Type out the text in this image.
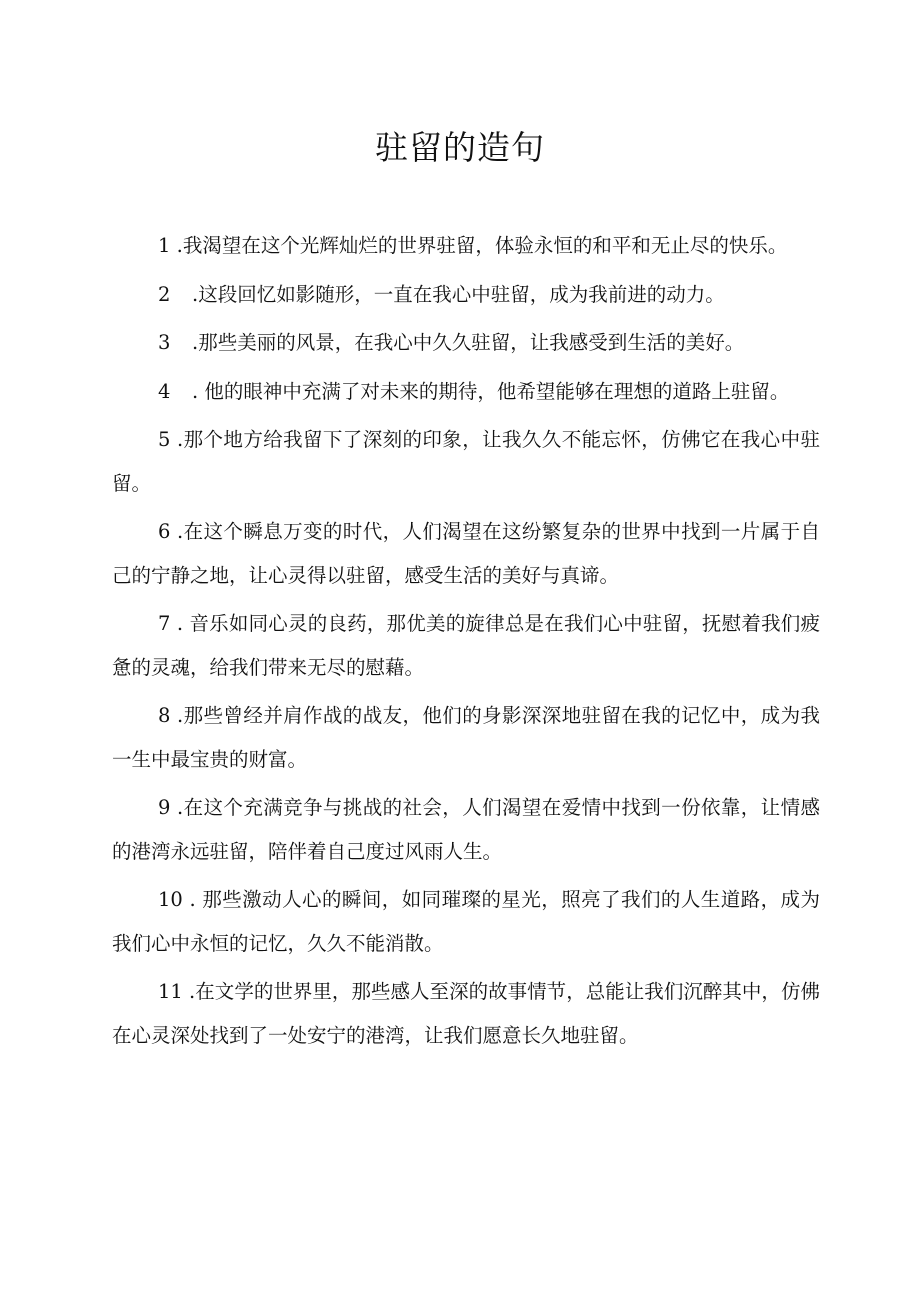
驻留的造句

1 .我渴望在这个光辉灿烂的世界驻留，体验永恒的和平和无止尽的快乐。

2 .这段回忆如影随形，一直在我心中驻留，成为我前进的动力。

3 .那些美丽的风景，在我心中久久驻留，让我感受到生活的美好。

4 . 他的眼神中充满了对未来的期待，他希望能够在理想的道路上驻留。

5 .那个地方给我留下了深刻的印象，让我久久不能忘怀，仿佛它在我心中驻留。

6 .在这个瞬息万变的时代，人们渴望在这纷繁复杂的世界中找到一片属于自己的宁静之地，让心灵得以驻留，感受生活的美好与真谛。

7 . 音乐如同心灵的良药，那优美的旋律总是在我们心中驻留，抚慰着我们疲惫的灵魂，给我们带来无尽的慰藉。

8 .那些曾经并肩作战的战友，他们的身影深深地驻留在我的记忆中，成为我一生中最宝贵的财富。

9 .在这个充满竞争与挑战的社会，人们渴望在爱情中找到一份依靠，让情感的港湾永远驻留，陪伴着自己度过风雨人生。

10 . 那些激动人心的瞬间，如同璀璨的星光，照亮了我们的人生道路，成为我们心中永恒的记忆，久久不能消散。

11 .在文学的世界里，那些感人至深的故事情节，总能让我们沉醉其中，仿佛在心灵深处找到了一处安宁的港湾，让我们愿意长久地驻留。
